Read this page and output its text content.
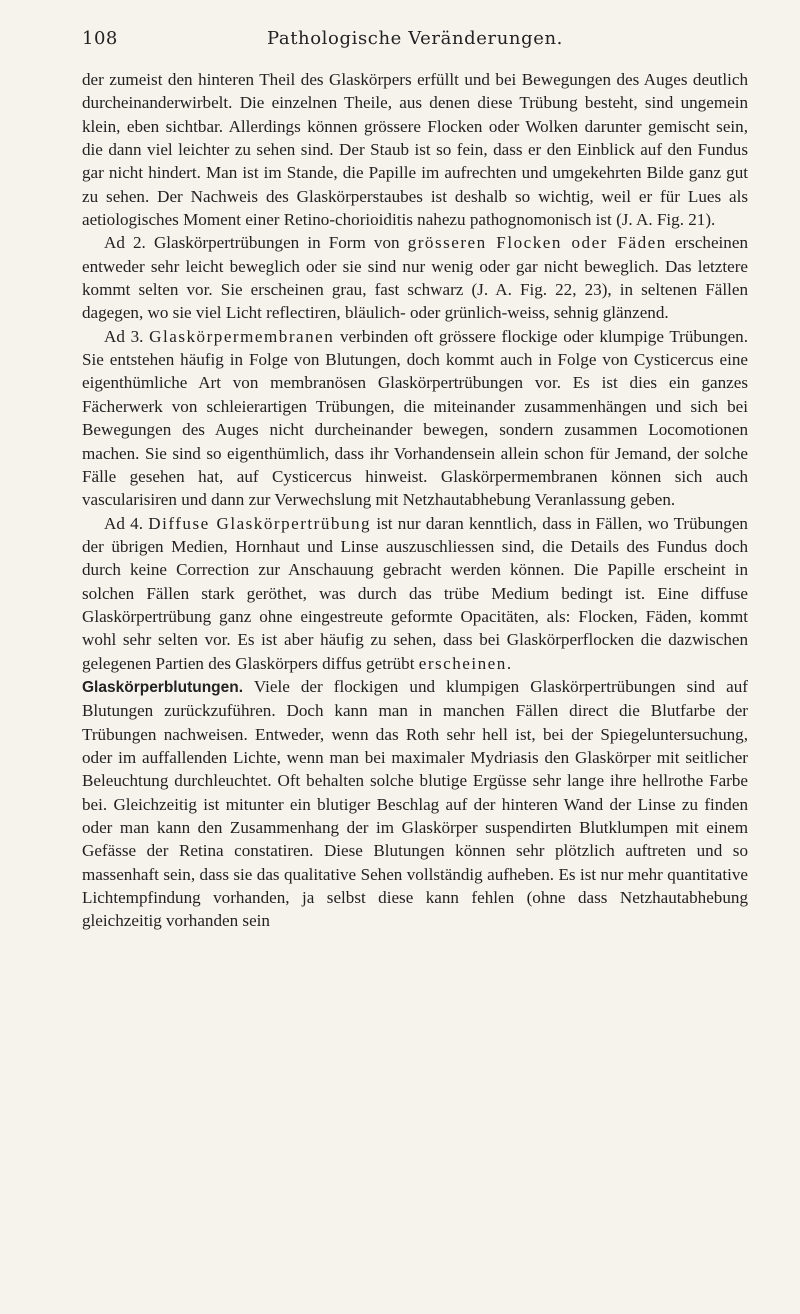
108	Pathologische Veränderungen.

der zumeist den hinteren Theil des Glaskörpers erfüllt und bei Bewegungen des Auges deutlich durcheinanderwirbelt. Die einzelnen Theile, aus denen diese Trübung besteht, sind ungemein klein, eben sichtbar. Allerdings können grössere Flocken oder Wolken darunter gemischt sein, die dann viel leichter zu sehen sind. Der Staub ist so fein, dass er den Einblick auf den Fundus gar nicht hindert. Man ist im Stande, die Papille im aufrechten und umgekehrten Bilde ganz gut zu sehen. Der Nachweis des Glaskörperstaubes ist deshalb so wichtig, weil er für Lues als aetiologisches Moment einer Retino-chorioiditis nahezu pathognomonisch ist (J. A. Fig. 21).

Ad 2. Glaskörpertrübungen in Form von grösseren Flocken oder Fäden erscheinen entweder sehr leicht beweglich oder sie sind nur wenig oder gar nicht beweglich. Das letztere kommt selten vor. Sie erscheinen grau, fast schwarz (J. A. Fig. 22, 23), in seltenen Fällen dagegen, wo sie viel Licht reflectiren, bläulich- oder grünlich-weiss, sehnig glänzend.

Ad 3. Glaskörpermembranen verbinden oft grössere flockige oder klumpige Trübungen. Sie entstehen häufig in Folge von Blutungen, doch kommt auch in Folge von Cysticercus eine eigenthümliche Art von membranösen Glaskörpertrübungen vor. Es ist dies ein ganzes Fächerwerk von schleierartigen Trübungen, die miteinander zusammenhängen und sich bei Bewegungen des Auges nicht durcheinander bewegen, sondern zusammen Locomotionen machen. Sie sind so eigenthümlich, dass ihr Vorhandensein allein schon für Jemand, der solche Fälle gesehen hat, auf Cysticercus hinweist. Glaskörpermembranen können sich auch vascularisiren und dann zur Verwechslung mit Netzhautabhebung Veranlassung geben.

Ad 4. Diffuse Glaskörpertrübung ist nur daran kenntlich, dass in Fällen, wo Trübungen der übrigen Medien, Hornhaut und Linse auszuschliessen sind, die Details des Fundus doch durch keine Correction zur Anschauung gebracht werden können. Die Papille erscheint in solchen Fällen stark geröthet, was durch das trübe Medium bedingt ist. Eine diffuse Glaskörpertrübung ganz ohne eingestreute geformte Opacitäten, als: Flocken, Fäden, kommt wohl sehr selten vor. Es ist aber häufig zu sehen, dass bei Glaskörperflocken die dazwischen gelegenen Partien des Glaskörpers diffus getrübt erscheinen.

Glaskörperblutungen. Viele der flockigen und klumpigen Glaskörpertrübungen sind auf Blutungen zurückzuführen. Doch kann man in manchen Fällen direct die Blutfarbe der Trübungen nachweisen. Entweder, wenn das Roth sehr hell ist, bei der Spiegeluntersuchung, oder im auffallenden Lichte, wenn man bei maximaler Mydriasis den Glaskörper mit seitlicher Beleuchtung durchleuchtet. Oft behalten solche blutige Ergüsse sehr lange ihre hellrothe Farbe bei. Gleichzeitig ist mitunter ein blutiger Beschlag auf der hinteren Wand der Linse zu finden oder man kann den Zusammenhang der im Glaskörper suspendirten Blutklumpen mit einem Gefässe der Retina constatiren. Diese Blutungen können sehr plötzlich auftreten und so massenhaft sein, dass sie das qualitative Sehen vollständig aufheben. Es ist nur mehr quantitative Lichtempfindung vorhanden, ja selbst diese kann fehlen (ohne dass Netzhautabhebung gleichzeitig vorhanden sein
